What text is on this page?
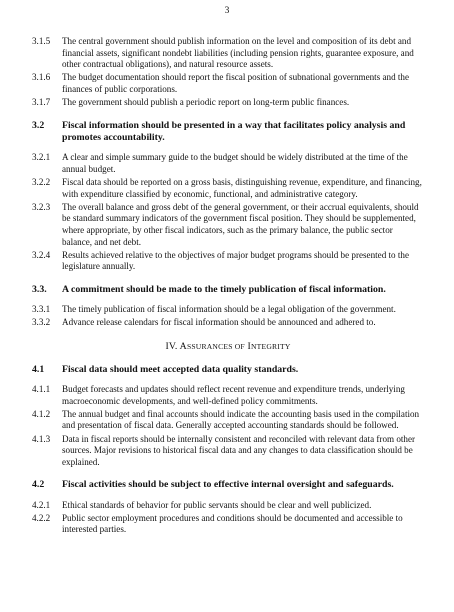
3
3.1.5	The central government should publish information on the level and composition of its debt and financial assets, significant nondebt liabilities (including pension rights, guarantee exposure, and other contractual obligations), and natural resource assets.
3.1.6	The budget documentation should report the fiscal position of subnational governments and the finances of public corporations.
3.1.7	The government should publish a periodic report on long-term public finances.
3.2	Fiscal information should be presented in a way that facilitates policy analysis and promotes accountability.
3.2.1	A clear and simple summary guide to the budget should be widely distributed at the time of the annual budget.
3.2.2	Fiscal data should be reported on a gross basis, distinguishing revenue, expenditure, and financing, with expenditure classified by economic, functional, and administrative category.
3.2.3	The overall balance and gross debt of the general government, or their accrual equivalents, should be standard summary indicators of the government fiscal position. They should be supplemented, where appropriate, by other fiscal indicators, such as the primary balance, the public sector balance, and net debt.
3.2.4	Results achieved relative to the objectives of major budget programs should be presented to the legislature annually.
3.3.	A commitment should be made to the timely publication of fiscal information.
3.3.1	The timely publication of fiscal information should be a legal obligation of the government.
3.3.2	Advance release calendars for fiscal information should be announced and adhered to.
IV. ASSURANCES OF INTEGRITY
4.1	Fiscal data should meet accepted data quality standards.
4.1.1	Budget forecasts and updates should reflect recent revenue and expenditure trends, underlying macroeconomic developments, and well-defined policy commitments.
4.1.2	The annual budget and final accounts should indicate the accounting basis used in the compilation and presentation of fiscal data. Generally accepted accounting standards should be followed.
4.1.3	Data in fiscal reports should be internally consistent and reconciled with relevant data from other sources. Major revisions to historical fiscal data and any changes to data classification should be explained.
4.2	Fiscal activities should be subject to effective internal oversight and safeguards.
4.2.1	Ethical standards of behavior for public servants should be clear and well publicized.
4.2.2	Public sector employment procedures and conditions should be documented and accessible to interested parties.
